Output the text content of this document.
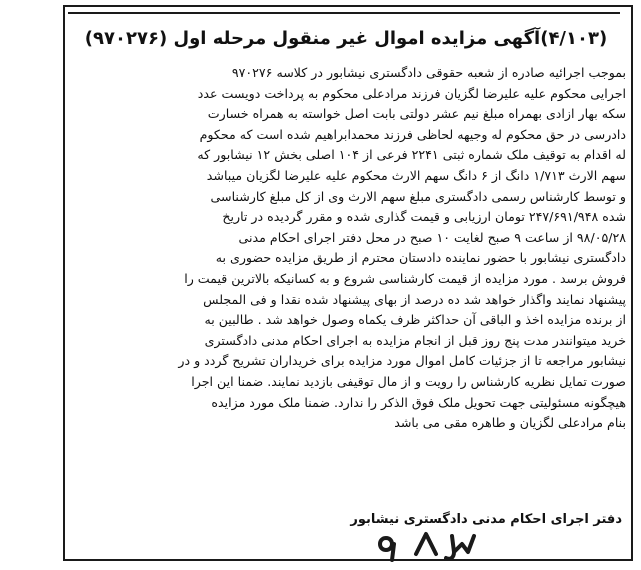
(۴/۱۰۳)آگهی مزایده اموال غیر منقول مرحله اول (۹۷۰۲۷۶)
بموجب اجرائیه صادره از شعبه حقوقی دادگستری نیشابور در کلاسه ۹۷۰۲۷۶
اجرایی محکوم علیه علیرضا لگزیان فرزند مرادعلی محکوم به پرداخت دویست عدد
سکه بهار ازادی بهمراه مبلغ نیم عشر دولتی بابت اصل خواسته به همراه خسارت
دادرسی در حق محکوم له وجیهه لحاظی فرزند محمدابراهیم شده است که محکوم
له اقدام به توقیف ملک شماره ثبتی ۲۲۴۱ فرعی از ۱۰۴ اصلی بخش ۱۲ نیشابور که
سهم الارث ۱/۷۱۳ دانگ از ۶ دانگ سهم الارث محکوم علیه علیرضا لگزیان میباشد
و توسط کارشناس رسمی دادگستری مبلغ سهم الارث وی از کل مبلغ کارشناسی
شده ۲۴۷/۶۹۱/۹۴۸ تومان ارزیابی و قیمت گذاری شده و مقرر گردیده در تاریخ
۹۸/۰۵/۲۸ از ساعت ۹ صبح لغایت ۱۰ صبح در محل دفتر اجرای احکام مدنی
دادگستری نیشابور با حضور نماینده دادستان محترم از طریق مزایده حضوری به
فروش برسد . مورد مزایده از قیمت کارشناسی شروع و به کسانیکه بالاترین قیمت را
پیشنهاد نمایند واگذار خواهد شد ده درصد از بهای پیشنهاد شده نقدا و فی المجلس
از برنده مزایده اخذ و الباقی آن حداکثر ظرف یکماه وصول خواهد شد . طالبین به
خرید میتوانندر مدت پنج روز قبل از انجام مزایده به اجرای احکام مدنی دادگستری
نیشابور مراجعه تا از جزئیات کامل اموال مورد مزایده برای خریداران تشریح گردد و در
صورت تمایل نظریه کارشناس را رویت و از مال توقیفی بازدید نمایند. ضمنا این اجرا
هیچگونه مسئولیتی جهت تحویل ملک فوق الذکر را ندارد. ضمنا ملک مورد مزایده
بنام مرادعلی لگزیان و طاهره مقی می باشد
دفتر اجرای احکام مدنی دادگستری نیشابور
